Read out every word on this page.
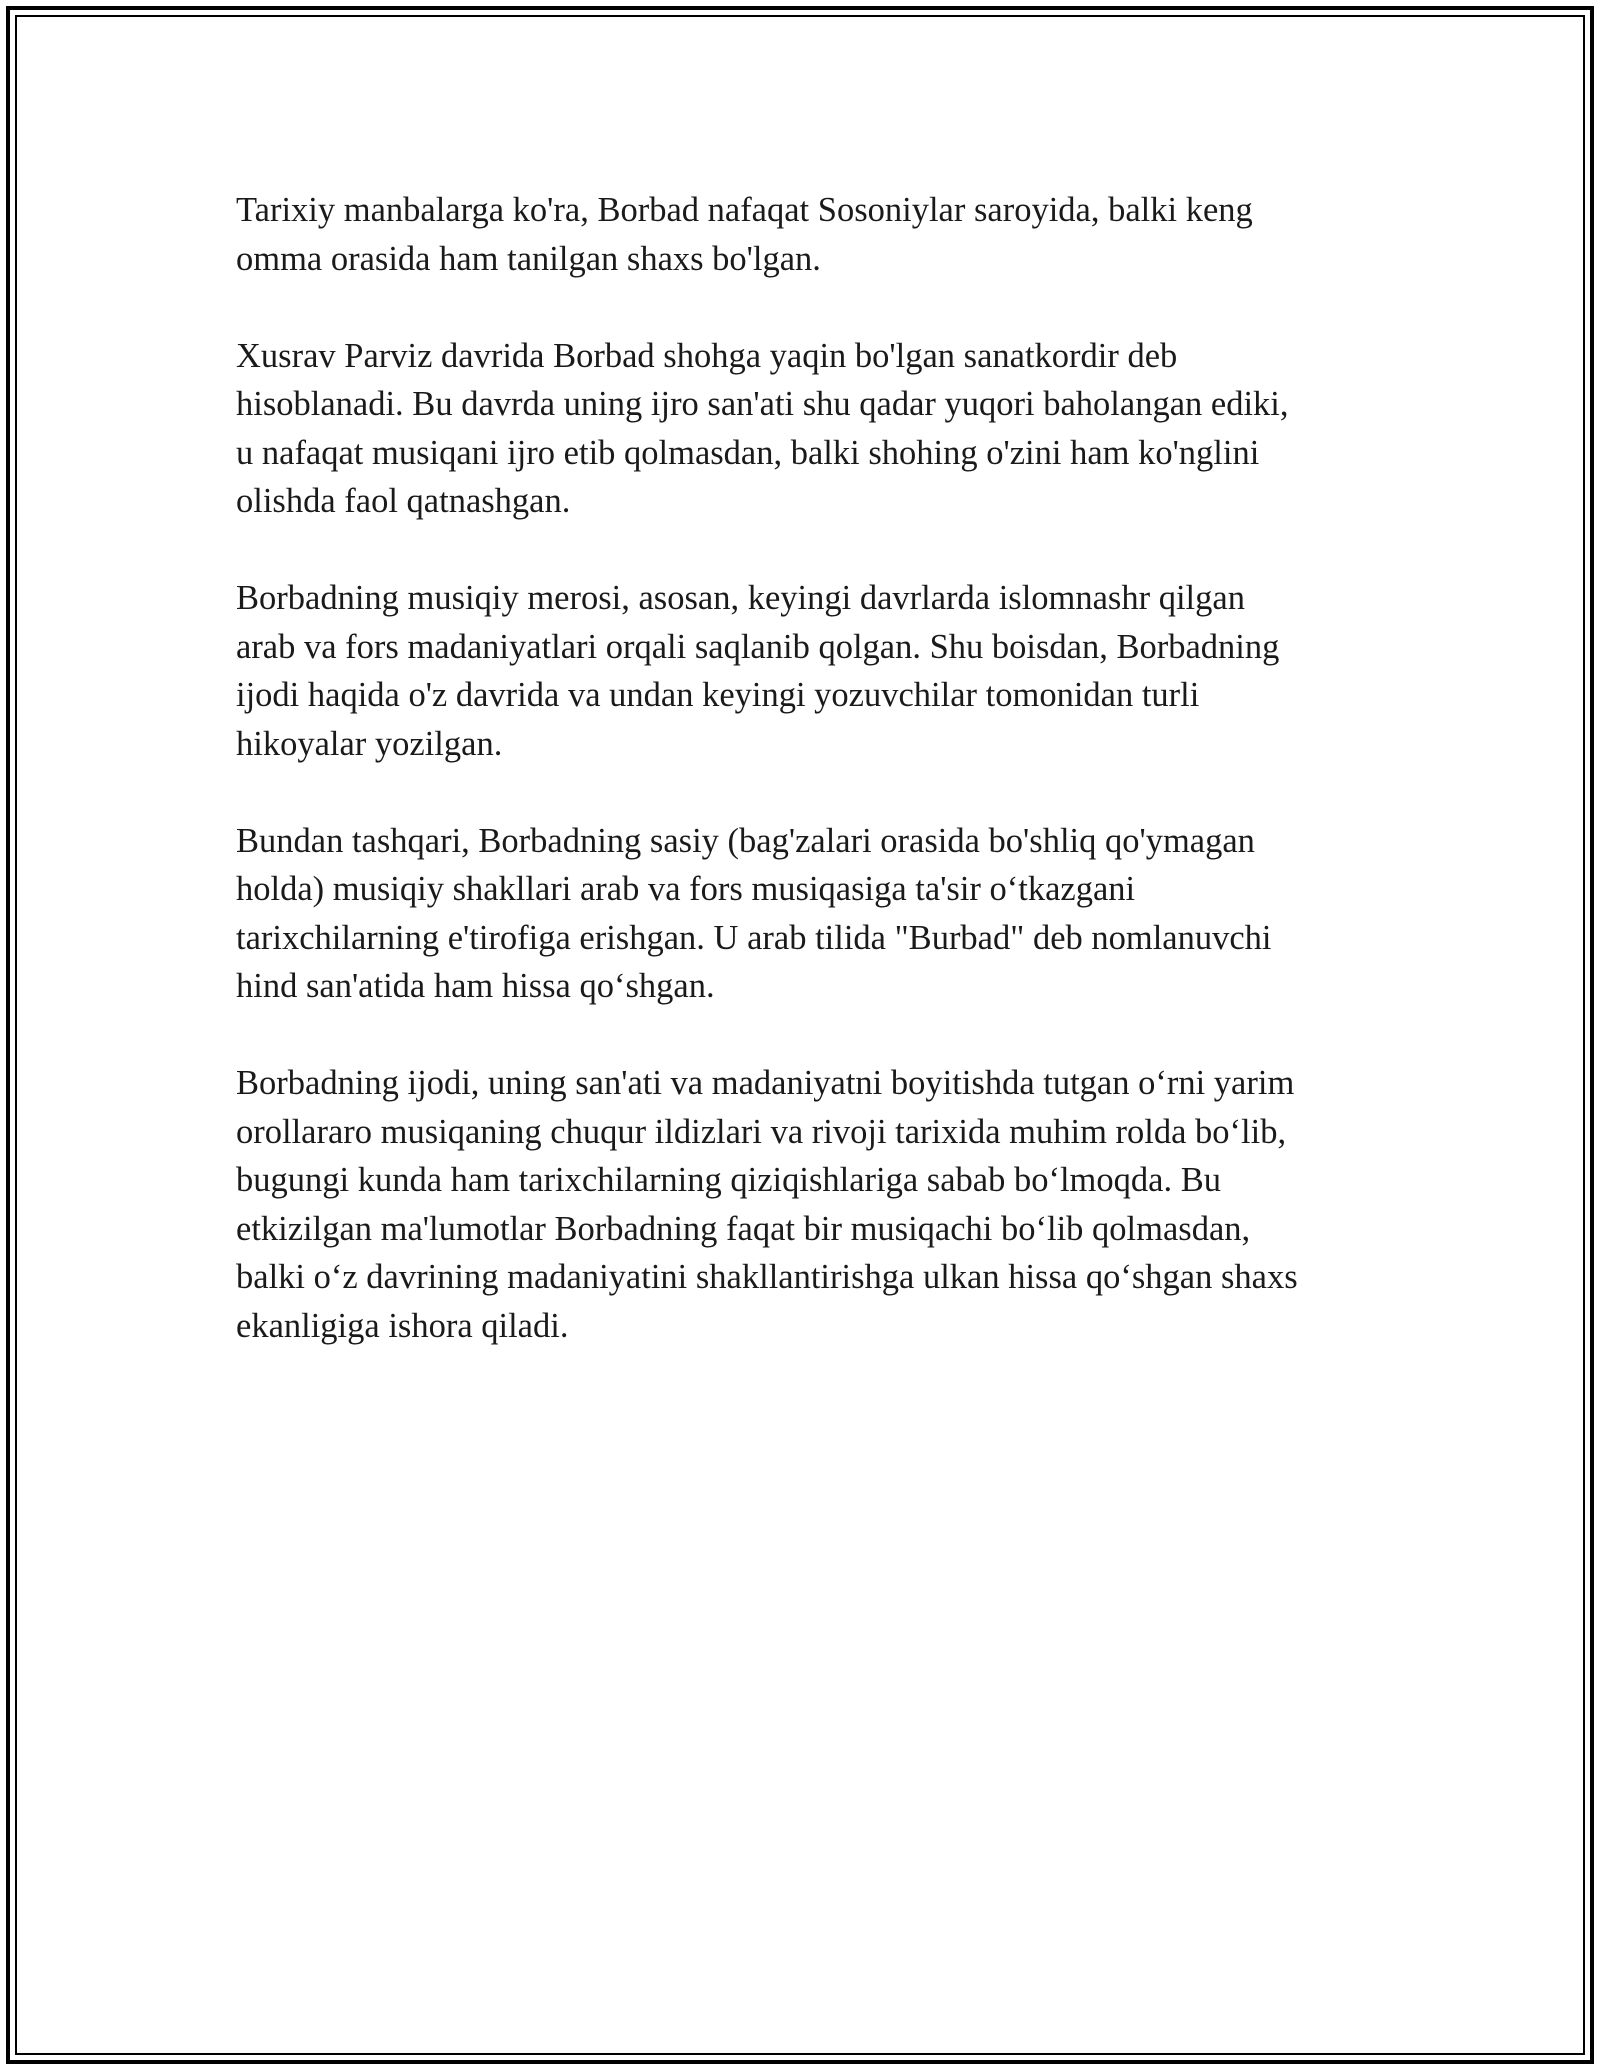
Tarixiy manbalarga ko'ra, Borbad nafaqat Sosoniylar saroyida, balki keng
omma orasida ham tanilgan shaxs bo'lgan.

Xusrav Parviz davrida Borbad shohga yaqin bo'lgan sanatkordir deb
hisoblanadi. Bu davrda uning ijro san'ati shu qadar yuqori baholangan ediki,
u nafaqat musiqani ijro etib qolmasdan, balki shohing o'zini ham ko'nglini
olishda faol qatnashgan.

Borbadning musiqiy merosi, asosan, keyingi davrlarda islomnashr qilgan
arab va fors madaniyatlari orqali saqlanib qolgan. Shu boisdan, Borbadning
ijodi haqida o'z davrida va undan keyingi yozuvchilar tomonidan turli
hikoyalar yozilgan.

Bundan tashqari, Borbadning sasiy (bag'zalari orasida bo'shliq qo'ymagan
holda) musiqiy shakllari arab va fors musiqasiga ta'sir o‘tkazgani
tarixchilarning e'tirofiga erishgan. U arab tilida "Burbad" deb nomlanuvchi
hind san'atida ham hissa qo‘shgan.

Borbadning ijodi, uning san'ati va madaniyatni boyitishda tutgan o‘rni yarim
orollararo musiqaning chuqur ildizlari va rivoji tarixida muhim rolda bo‘lib,
bugungi kunda ham tarixchilarning qiziqishlariga sabab bo‘lmoqda. Bu
etkizilgan ma'lumotlar Borbadning faqat bir musiqachi bo‘lib qolmasdan,
balki o‘z davrining madaniyatini shakllantirishga ulkan hissa qo‘shgan shaxs
ekanligiga ishora qiladi.
